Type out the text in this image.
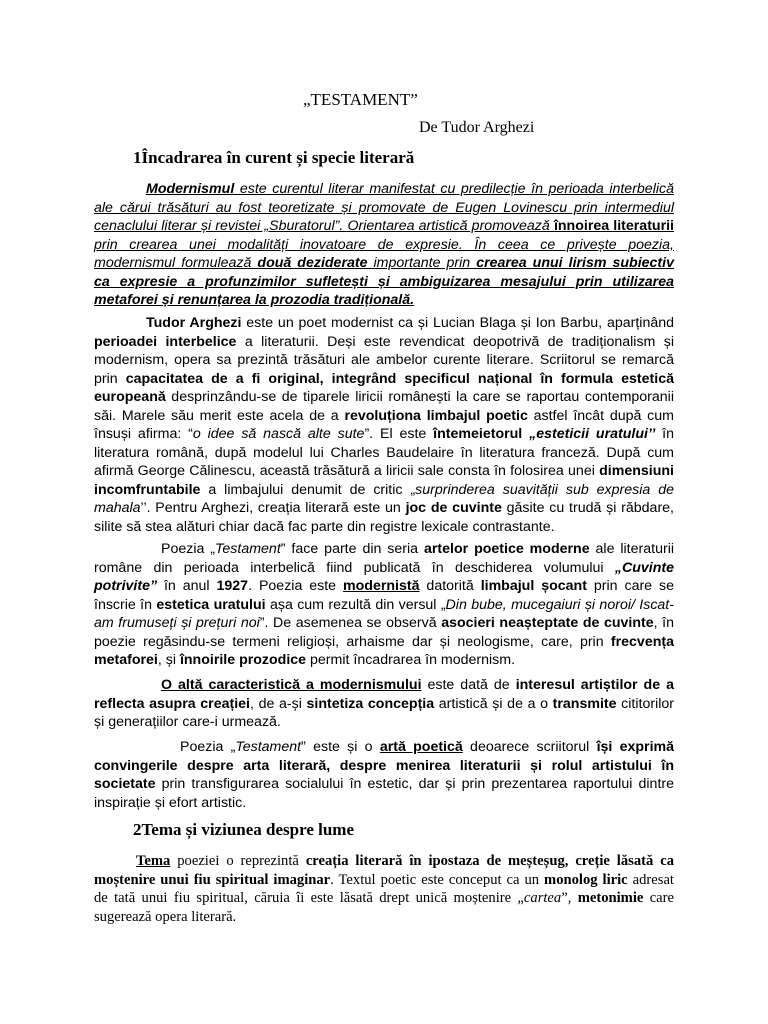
„TESTAMENT”
De Tudor Arghezi
1Încadrarea în curent și specie literară

Modernismul este curentul literar manifestat cu predilecție în perioada interbelică ale cărui trăsături au fost teoretizate și promovate de Eugen Lovinescu prin intermediul cenaclului literar și revistei „Sburatorul”. Orientarea artistică promovează înnoirea literaturii prin crearea unei modalități inovatoare de expresie. În ceea ce privește poezia, modernismul formulează două deziderate importante prin crearea unui lirism subiectiv ca expresie a profunzimilor sufletești și ambiguizarea mesajului prin utilizarea metaforei și renunțarea la prozodia tradițională.

Tudor Arghezi este un poet modernist ca și Lucian Blaga și Ion Barbu, aparținând perioadei interbelice a literaturii. Deși este revendicat deopotrivă de tradiționalism și modernism, opera sa prezintă trăsături ale ambelor curente literare. Scriitorul se remarcă prin capacitatea de a fi original, integrând specificul național în formula estetică europeană desprinzându-se de tiparele liricii românești la care se raportau contemporanii săi. Marele său merit este acela de a revoluționa limbajul poetic astfel încât după cum însuși afirma: “o idee să nască alte sute”. El este întemeietorul „esteticii uratului’’ în literatura română, după modelul lui Charles Baudelaire în literatura franceză. După cum afirmă George Călinescu, această trăsătură a liricii sale consta în folosirea unei dimensiuni incomfruntabile a limbajului denumit de critic „surprinderea suavității sub expresia de mahala’’. Pentru Arghezi, creația literară este un joc de cuvinte găsite cu trudă și răbdare, silite să stea alături chiar dacă fac parte din registre lexicale contrastante.

Poezia „Testament” face parte din seria artelor poetice moderne ale literaturii române din perioada interbelică fiind publicată în deschiderea volumului „Cuvinte potrivite” în anul 1927. Poezia este modernistă datorită limbajul șocant prin care se înscrie în estetica uratului așa cum rezultă din versul „Din bube, mucegaiuri și noroi/ Iscat-am frumuseți și prețuri noi”. De asemenea se observă asocieri neașteptate de cuvinte, în poezie regăsindu-se termeni religioși, arhaisme dar și neologisme, care, prin frecvența metaforei, și înnoirile prozodice permit încadrarea în modernism.

O altă caracteristică a modernismului este dată de interesul artiștilor de a reflecta asupra creației, de a-și sintetiza concepția artistică și de a o transmite cititorilor și generațiilor care-i urmează.

Poezia „Testament” este și o artă poetică deoarece scriitorul își exprimă convingerile despre arta literară, despre menirea literaturii și rolul artistului în societate prin transfigurarea socialului în estetic, dar și prin prezentarea raportului dintre inspirație și efort artistic.

2Tema și viziunea despre lume

Tema poeziei o reprezintă creația literară în ipostaza de meșteșug, creție lăsată ca moștenire unui fiu spiritual imaginar. Textul poetic este conceput ca un monolog liric adresat de tată unui fiu spiritual, căruia îi este lăsată drept unică moștenire „cartea”, metonimie care sugerează opera literară.
